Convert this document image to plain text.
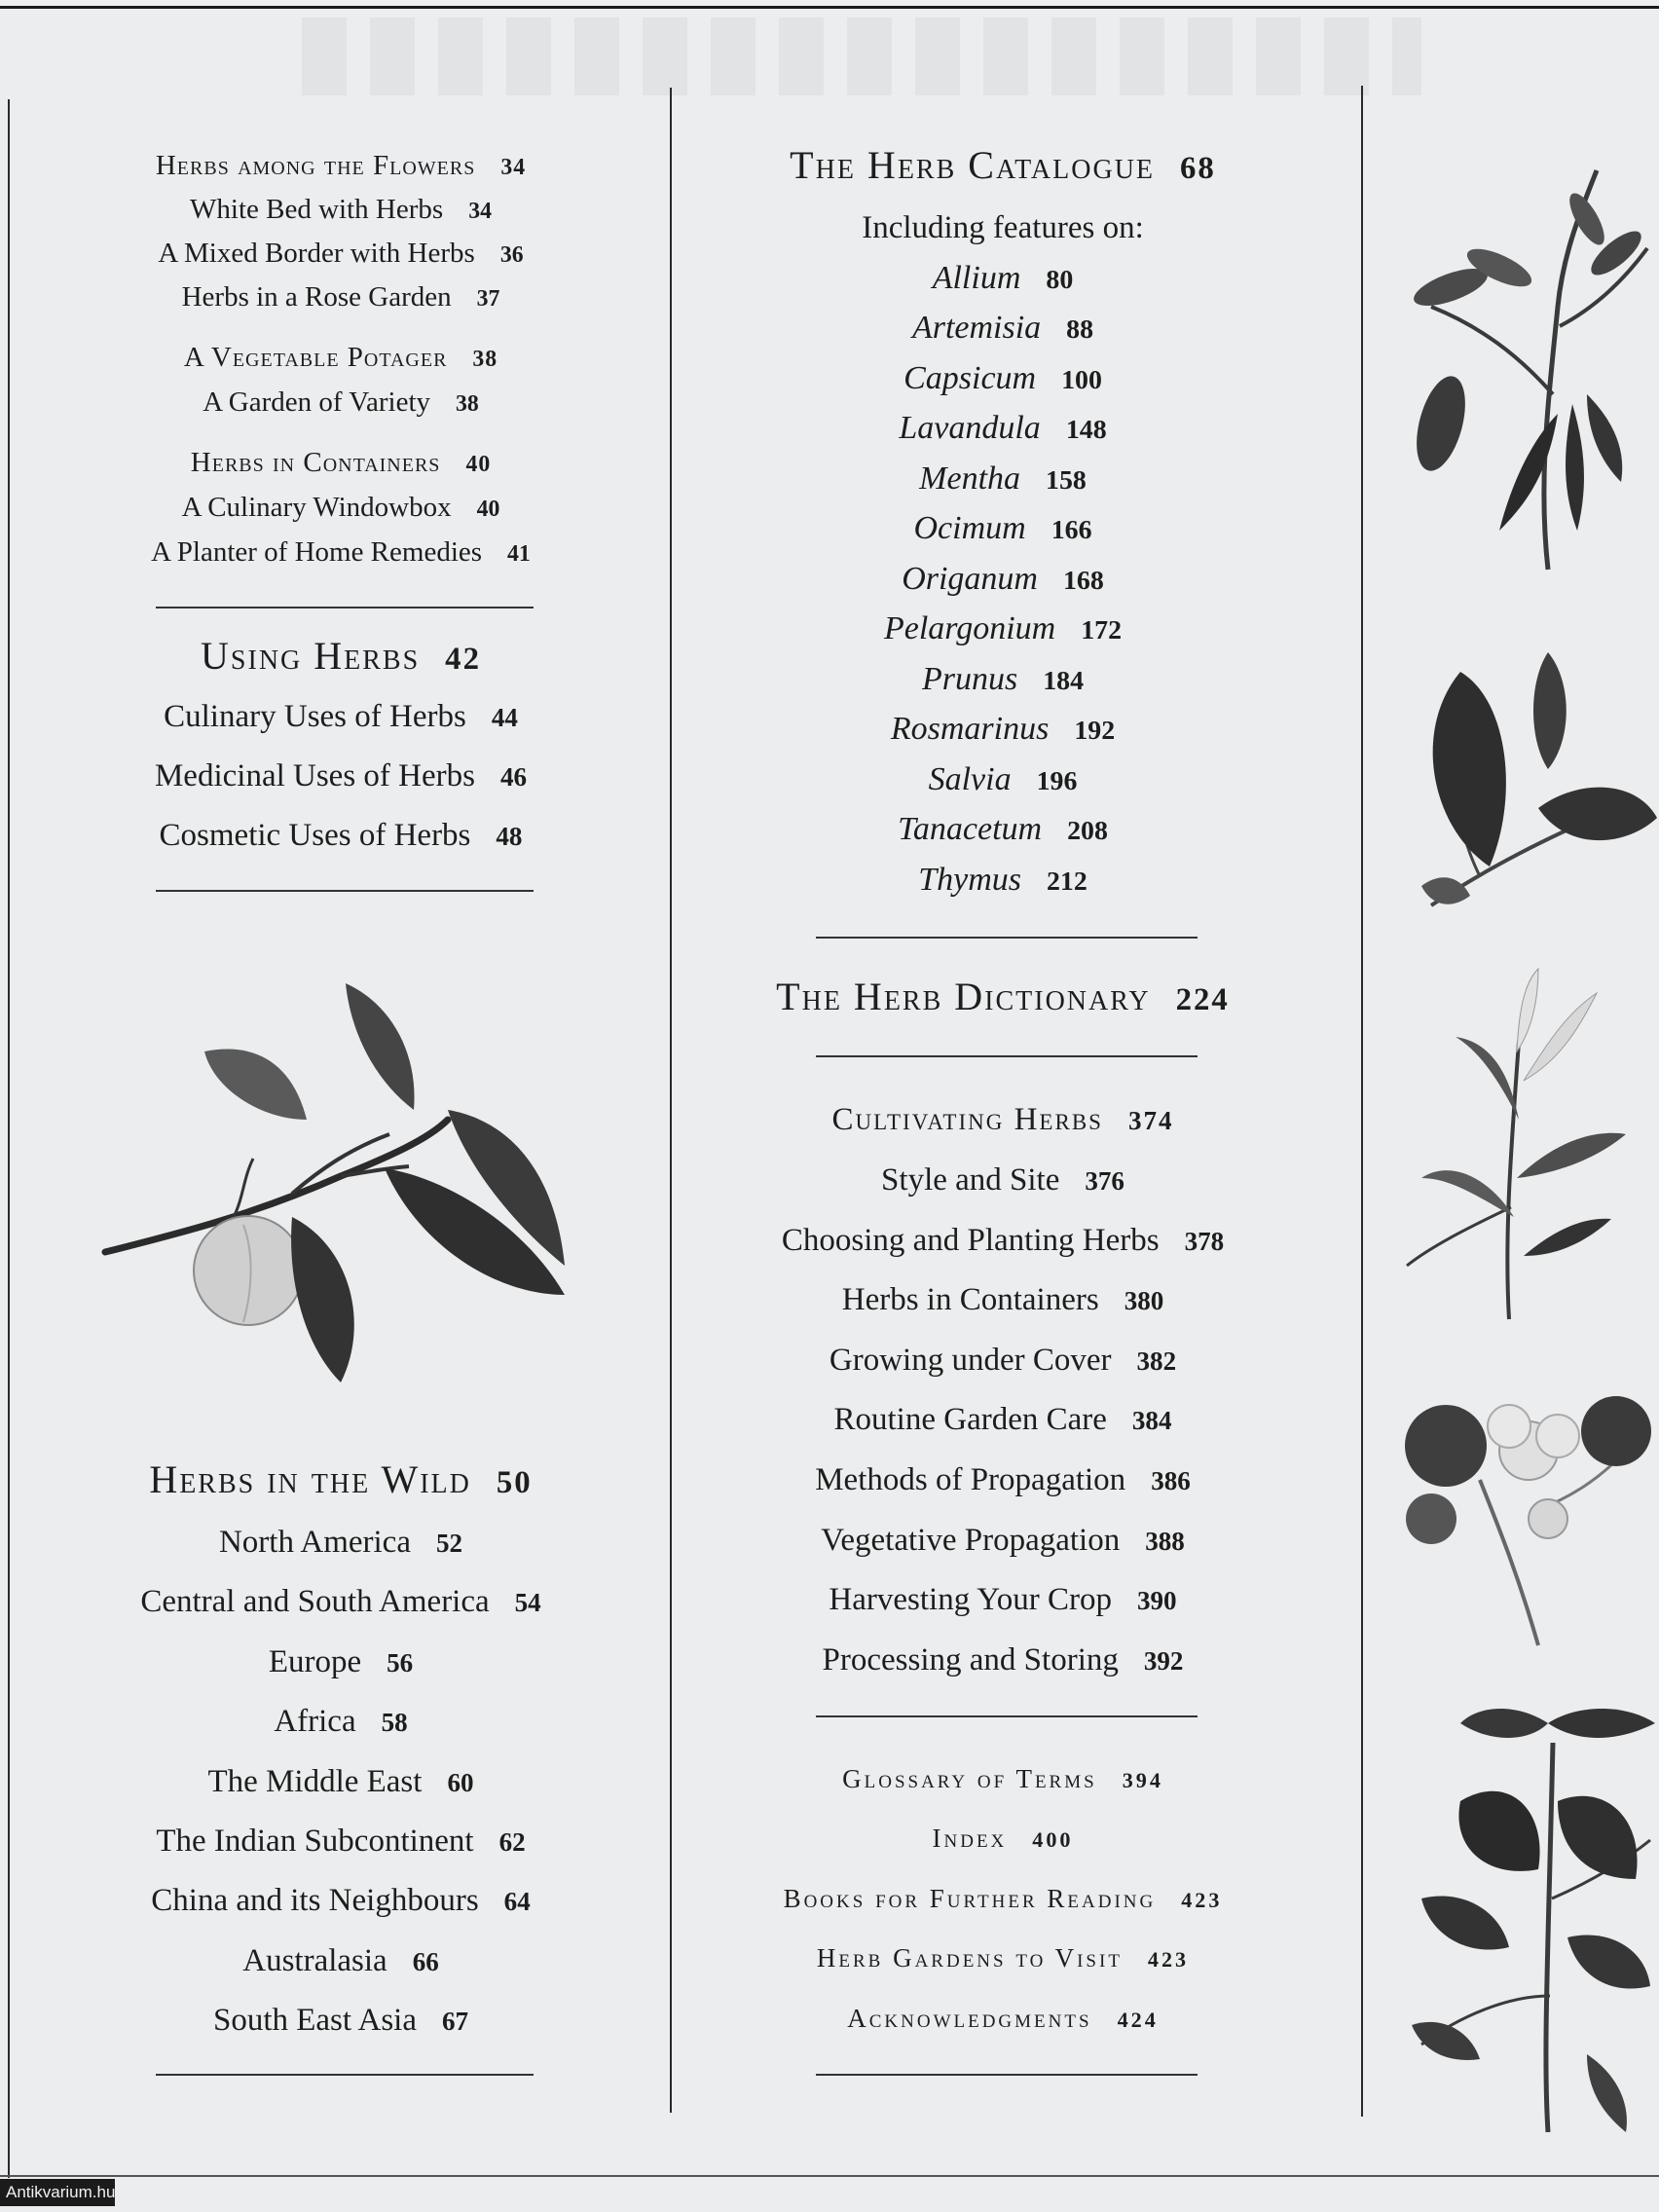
Herbs among the Flowers 34
White Bed with Herbs 34
A Mixed Border with Herbs 36
Herbs in a Rose Garden 37
A Vegetable Potager 38
A Garden of Variety 38
Herbs in Containers 40
A Culinary Windowbox 40
A Planter of Home Remedies 41
Using Herbs 42
Culinary Uses of Herbs 44
Medicinal Uses of Herbs 46
Cosmetic Uses of Herbs 48
Herbs in the Wild 50
North America 52
Central and South America 54
Europe 56
Africa 58
The Middle East 60
The Indian Subcontinent 62
China and its Neighbours 64
Australasia 66
South East Asia 67
The Herb Catalogue 68
Including features on:
Allium 80
Artemisia 88
Capsicum 100
Lavandula 148
Mentha 158
Ocimum 166
Origanum 168
Pelargonium 172
Prunus 184
Rosmarinus 192
Salvia 196
Tanacetum 208
Thymus 212
The Herb Dictionary 224
Cultivating Herbs 374
Style and Site 376
Choosing and Planting Herbs 378
Herbs in Containers 380
Growing under Cover 382
Routine Garden Care 384
Methods of Propagation 386
Vegetative Propagation 388
Harvesting Your Crop 390
Processing and Storing 392
Glossary of Terms 394
Index 400
Books for Further Reading 423
Herb Gardens to Visit 423
Acknowledgments 424
Antikvarium.hu
